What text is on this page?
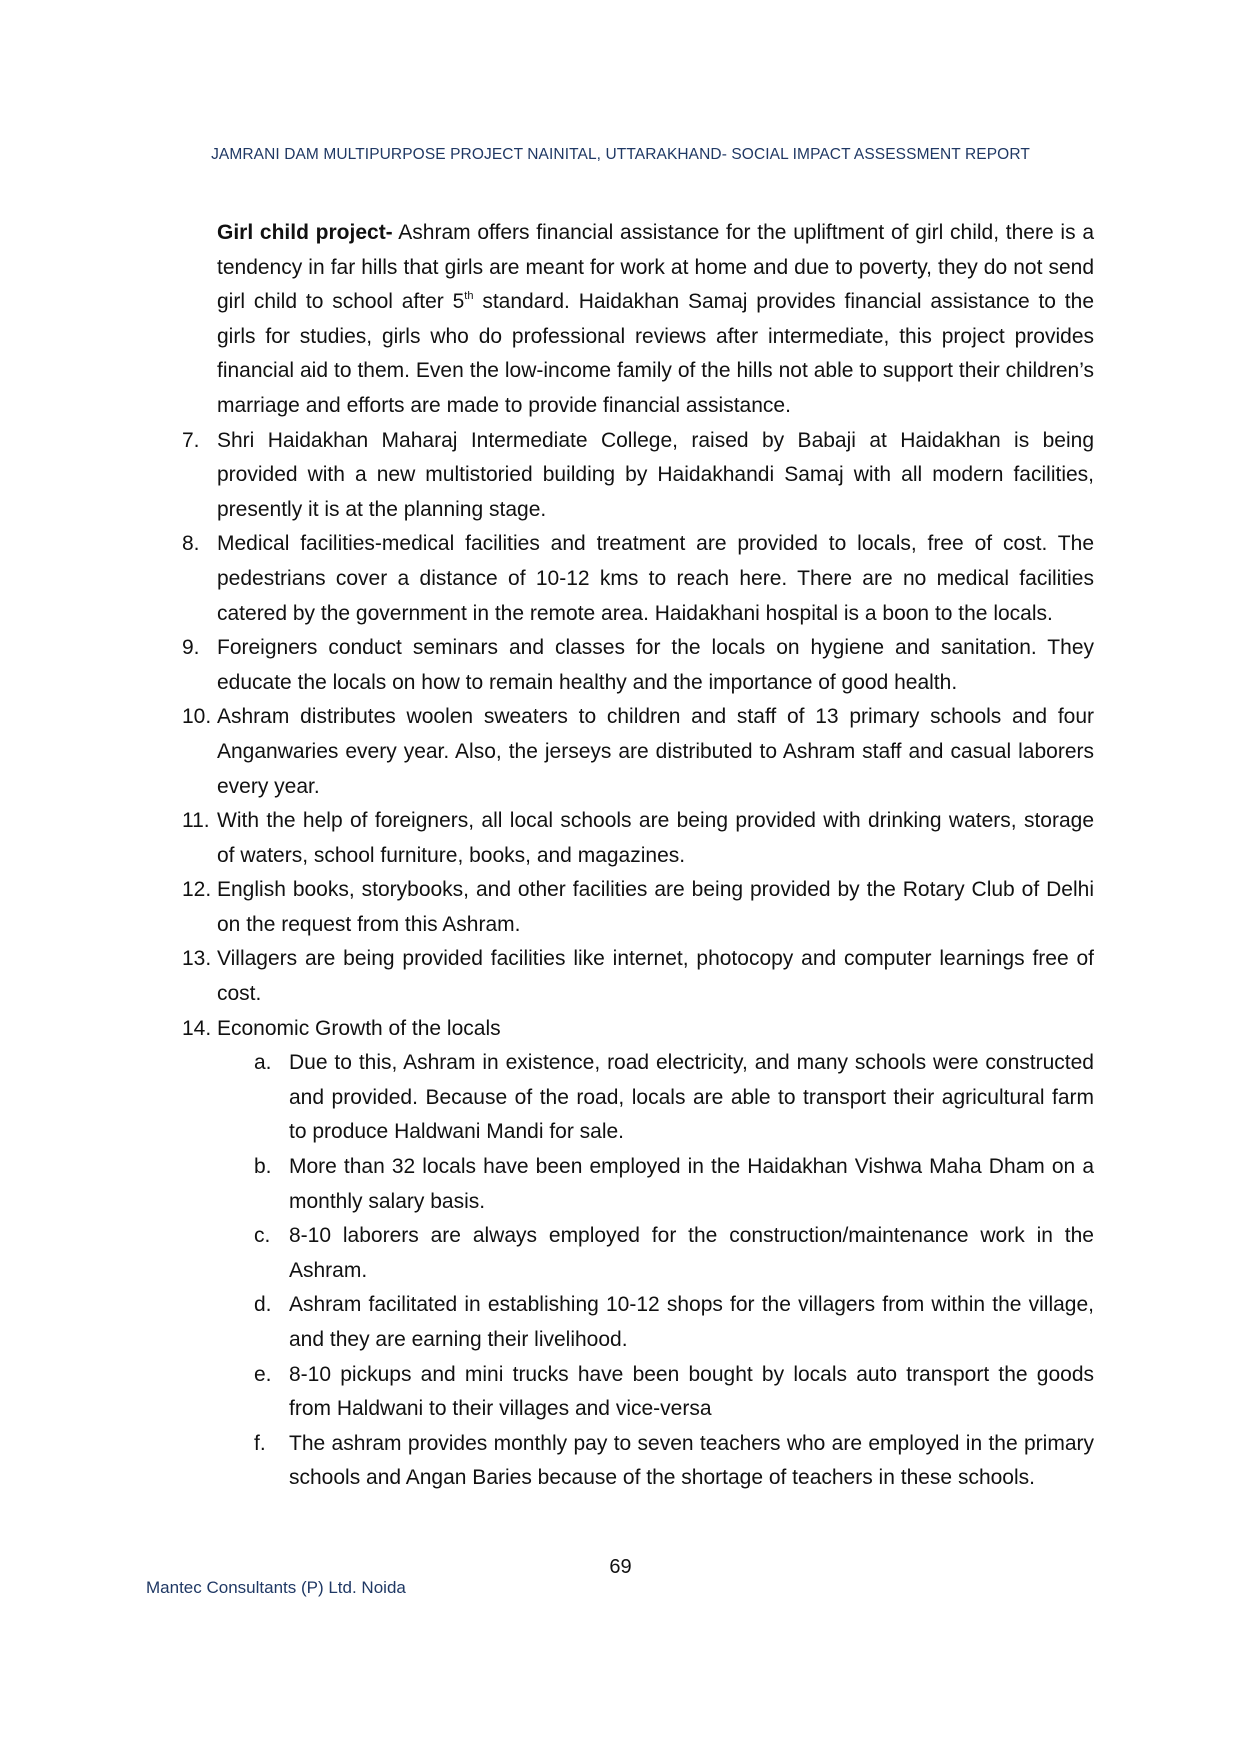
JAMRANI DAM MULTIPURPOSE PROJECT NAINITAL, UTTARAKHAND- SOCIAL IMPACT ASSESSMENT REPORT

Girl child project- Ashram offers financial assistance for the upliftment of girl child, there is a tendency in far hills that girls are meant for work at home and due to poverty, they do not send girl child to school after 5th standard. Haidakhan Samaj provides financial assistance to the girls for studies, girls who do professional reviews after intermediate, this project provides financial aid to them. Even the low-income family of the hills not able to support their children’s marriage and efforts are made to provide financial assistance.

7. Shri Haidakhan Maharaj Intermediate College, raised by Babaji at Haidakhan is being provided with a new multistoried building by Haidakhandi Samaj with all modern facilities, presently it is at the planning stage.
8. Medical facilities-medical facilities and treatment are provided to locals, free of cost. The pedestrians cover a distance of 10-12 kms to reach here. There are no medical facilities catered by the government in the remote area. Haidakhani hospital is a boon to the locals.
9. Foreigners conduct seminars and classes for the locals on hygiene and sanitation. They educate the locals on how to remain healthy and the importance of good health.
10. Ashram distributes woolen sweaters to children and staff of 13 primary schools and four Anganwaries every year. Also, the jerseys are distributed to Ashram staff and casual laborers every year.
11. With the help of foreigners, all local schools are being provided with drinking waters, storage of waters, school furniture, books, and magazines.
12. English books, storybooks, and other facilities are being provided by the Rotary Club of Delhi on the request from this Ashram.
13. Villagers are being provided facilities like internet, photocopy and computer learnings free of cost.
14. Economic Growth of the locals
a. Due to this, Ashram in existence, road electricity, and many schools were constructed and provided. Because of the road, locals are able to transport their agricultural farm to produce Haldwani Mandi for sale.
b. More than 32 locals have been employed in the Haidakhan Vishwa Maha Dham on a monthly salary basis.
c. 8-10 laborers are always employed for the construction/maintenance work in the Ashram.
d. Ashram facilitated in establishing 10-12 shops for the villagers from within the village, and they are earning their livelihood.
e. 8-10 pickups and mini trucks have been bought by locals auto transport the goods from Haldwani to their villages and vice-versa
f.	The ashram provides monthly pay to seven teachers who are employed in the primary schools and Angan Baries because of the shortage of teachers in these schools.
69
Mantec Consultants (P) Ltd. Noida
